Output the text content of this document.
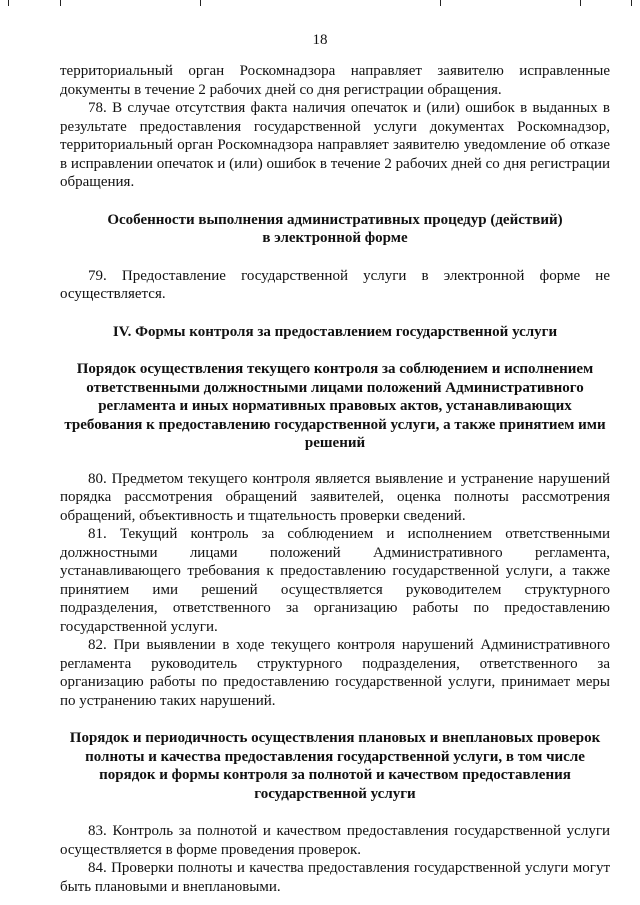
18

территориальный орган Роскомнадзора направляет заявителю исправленные документы в течение 2 рабочих дней со дня регистрации обращения.

78. В случае отсутствия факта наличия опечаток и (или) ошибок в выданных в результате предоставления государственной услуги документах Роскомнадзор, территориальный орган Роскомнадзора направляет заявителю уведомление об отказе в исправлении опечаток и (или) ошибок в течение 2 рабочих дней со дня регистрации обращения.

Особенности выполнения административных процедур (действий)
в электронной форме

79. Предоставление государственной услуги в электронной форме не осуществляется.

IV. Формы контроля за предоставлением государственной услуги
Порядок осуществления текущего контроля за соблюдением и исполнением
ответственными должностными лицами положений Административного
регламента и иных нормативных правовых актов, устанавливающих
требования к предоставлению государственной услуги, а также принятием ими
решений

80. Предметом текущего контроля является выявление и устранение нарушений порядка рассмотрения обращений заявителей, оценка полноты рассмотрения обращений, объективность и тщательность проверки сведений.

81. Текущий контроль за соблюдением и исполнением ответственными должностными лицами положений Административного регламента, устанавливающего требования к предоставлению государственной услуги, а также принятием ими решений осуществляется руководителем структурного подразделения, ответственного за организацию работы по предоставлению государственной услуги.

82. При выявлении в ходе текущего контроля нарушений Административного регламента руководитель структурного подразделения, ответственного за организацию работы по предоставлению государственной услуги, принимает меры по устранению таких нарушений.

Порядок и периодичность осуществления плановых и внеплановых проверок
полноты и качества предоставления государственной услуги, в том числе
порядок и формы контроля за полнотой и качеством предоставления
государственной услуги

83. Контроль за полнотой и качеством предоставления государственной услуги осуществляется в форме проведения проверок.

84. Проверки полноты и качества предоставления государственной услуги могут быть плановыми и внеплановыми.
